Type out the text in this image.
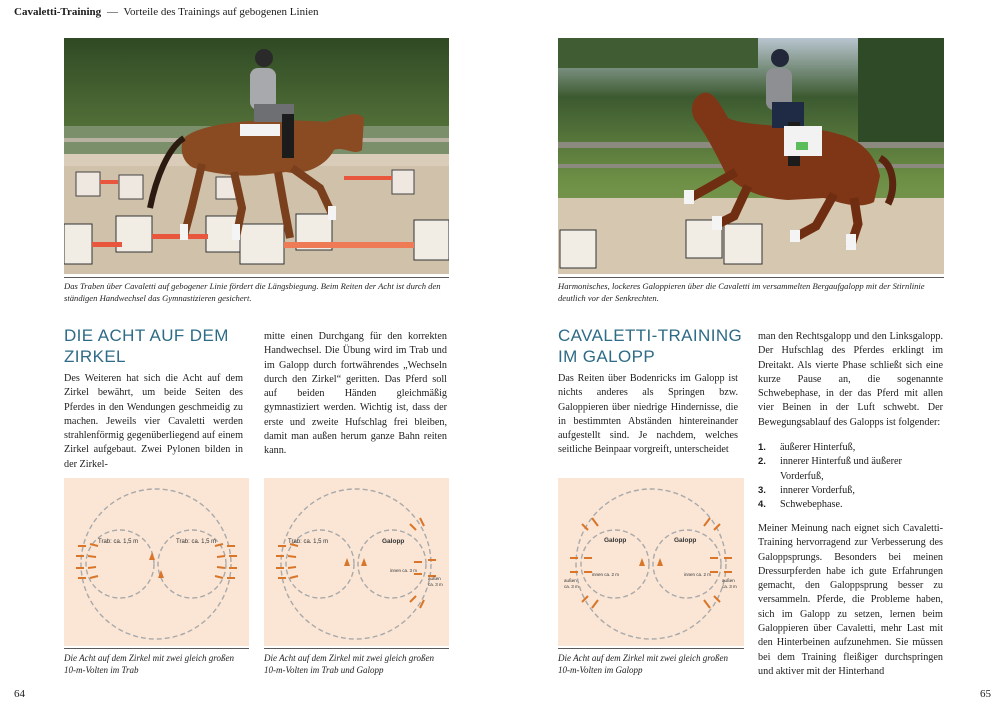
Cavaletti-Training — Vorteile des Trainings auf gebogenen Linien
Das Traben über Cavaletti auf gebogener Linie fördert die Längsbiegung. Beim Reiten der Acht ist durch den ständigen Handwechsel das Gymnastizieren gesichert.
DIE ACHT AUF DEM
ZIRKEL
Des Weiteren hat sich die Acht auf dem Zirkel bewährt, um beide Seiten des Pferdes in den Wendungen geschmeidig zu machen. Jeweils vier Cavaletti werden strahlenförmig gegenüberliegend auf einem Zirkel aufgebaut. Zwei Pylonen bilden in der Zirkel-
mitte einen Durchgang für den korrekten Handwechsel. Die Übung wird im Trab und im Galopp durch fortwährendes „Wechseln durch den Zirkel“ geritten. Das Pferd soll auf beiden Händen gleichmäßig gymnastiziert werden. Wichtig ist, dass der erste und zweite Hufschlag frei bleiben, damit man außen herum ganze Bahn reiten kann.
Trab: ca. 1,5 m	Trab: ca. 1,5 m
Die Acht auf dem Zirkel mit zwei gleich großen 10-m-Volten im Trab
Trab: ca. 1,5 m	Galopp
innen ca. 3 m
außen
ca. 3 m
Die Acht auf dem Zirkel mit zwei gleich großen 10-m-Volten im Trab und Galopp
64
Harmonisches, lockeres Galoppieren über die Cavaletti im versammelten Bergaufgalopp mit der Stirnlinie deutlich vor der Senkrechten.
CAVALETTI-TRAINING
IM GALOPP
Das Reiten über Bodenricks im Galopp ist nichts anderes als Springen bzw. Galoppieren über niedrige Hindernisse, die in bestimmten Abständen hintereinander aufgestellt sind. Je nachdem, welches seitliche Beinpaar vorgreift, unterscheidet
man den Rechtsgalopp und den Linksgalopp. Der Hufschlag des Pferdes erklingt im Dreitakt. Als vierte Phase schließt sich eine kurze Pause an, die sogenannte Schwebephase, in der das Pferd mit allen vier Beinen in der Luft schwebt. Der Bewegungsablauf des Galopps ist folgender:
1. äußerer Hinterfuß,
2. innerer Hinterfuß und äußerer Vorderfuß,
3. innerer Vorderfuß,
4. Schwebephase.
Meiner Meinung nach eignet sich Cavaletti-Training hervorragend zur Verbesserung des Galoppsprungs. Besonders bei meinen Dressurpferden habe ich gute Erfahrungen gemacht, den Galoppsprung besser zu versammeln. Pferde, die Probleme haben, sich im Galopp zu setzen, lernen beim Galoppieren über Cavaletti, mehr Last mit den Hinterbeinen aufzunehmen. Sie müssen bei dem Training fleißiger durchspringen und aktiver mit der Hinterhand
Galopp	Galopp
innen ca. 2 m	innen ca. 2 m
außen
ca. 3 m
außen
ca. 3 m
Die Acht auf dem Zirkel mit zwei gleich großen 10-m-Volten im Galopp
65
